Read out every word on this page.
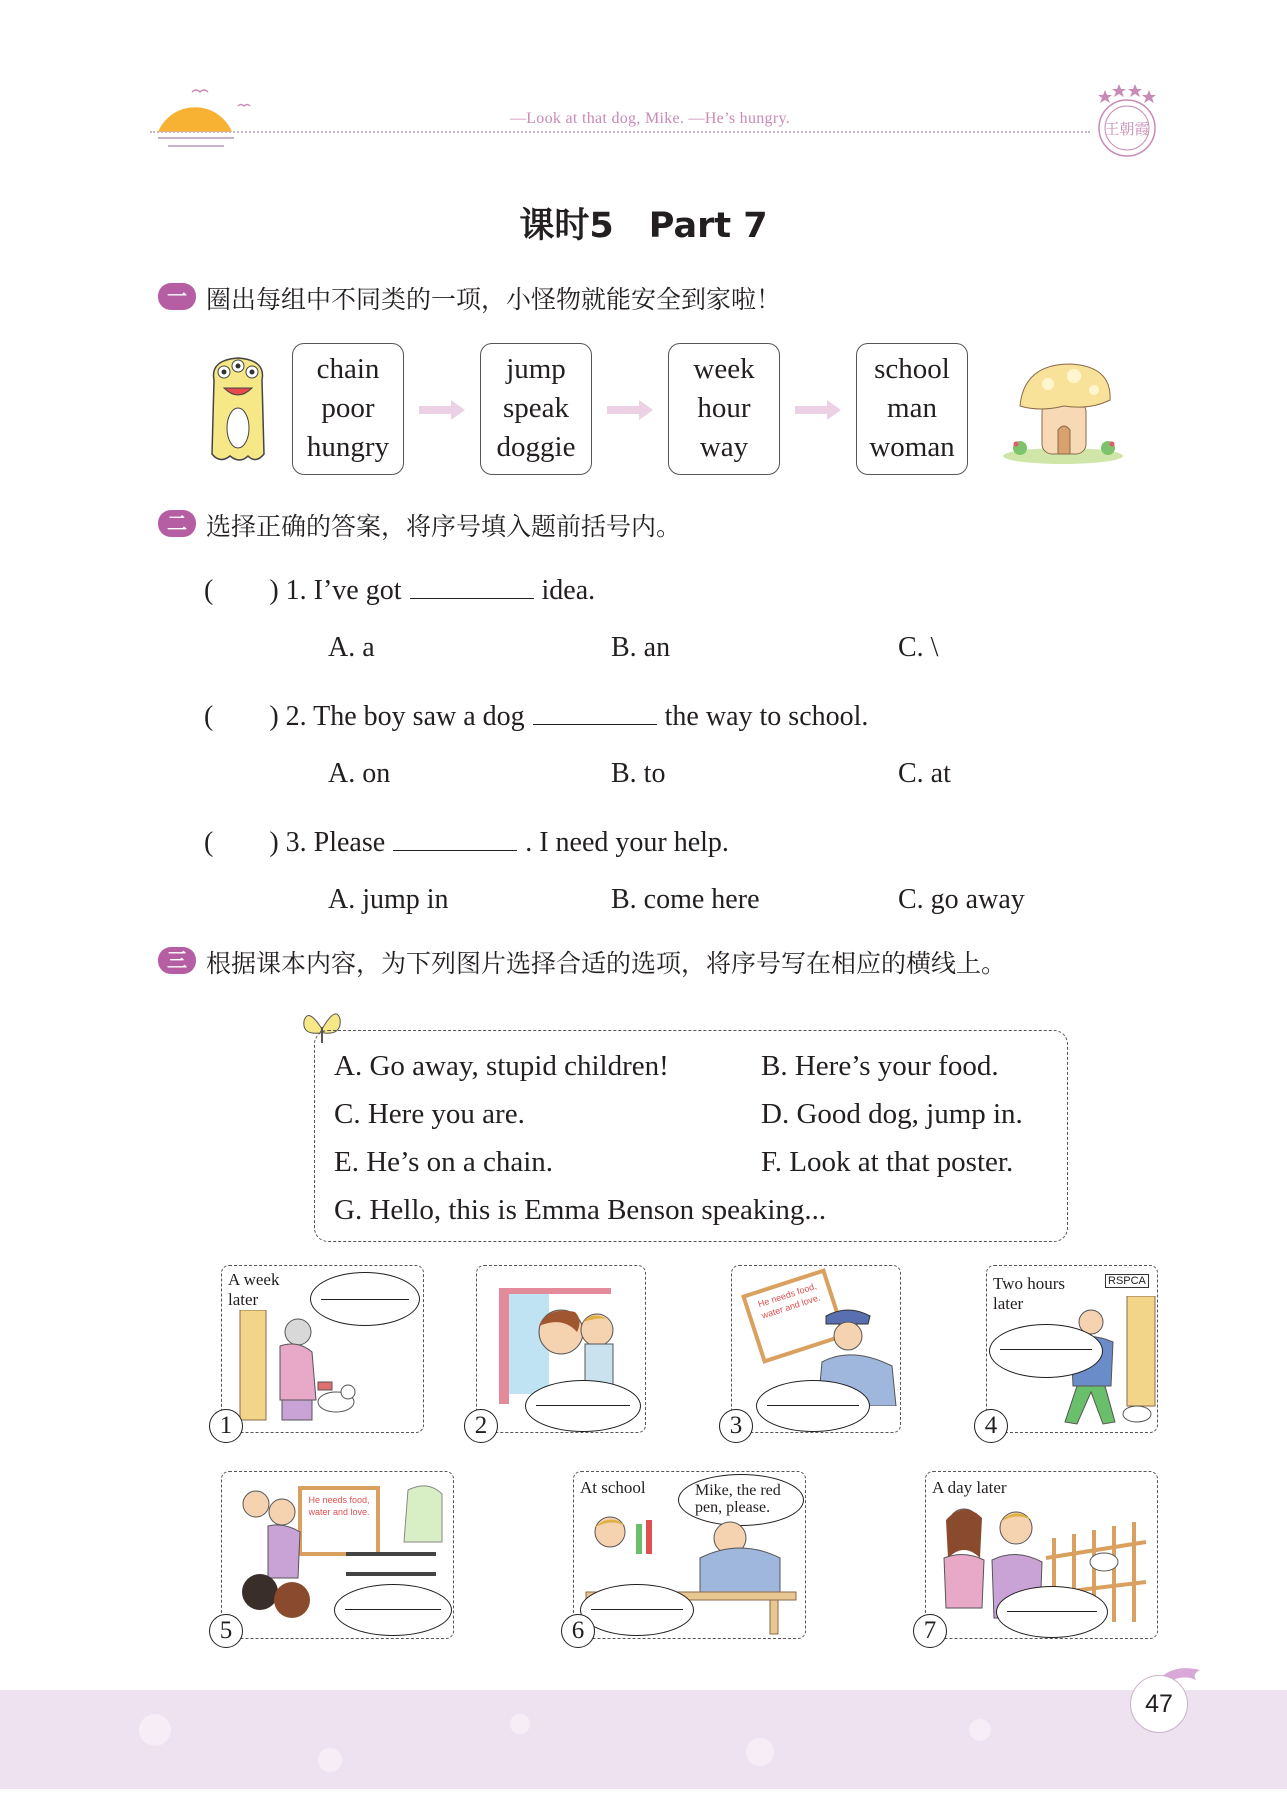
—Look at that dog, Mike. —He’s hungry.
王朝霞
课时5　Part 7
一 圈出每组中不同类的一项，小怪物就能安全到家啦！
chain
poor
hungry
jump
speak
doggie
week
hour
way
school
man
woman
二 选择正确的答案，将序号填入题前括号内。
(　　) 1. I’ve got	idea.
A. a	B. an	C. \
(　　) 2. The boy saw a dog	the way to school.
A. on	B. to	C. at
(　　) 3. Please	. I need your help.
A. jump in	B. come here	C. go away
三 根据课本内容，为下列图片选择合适的选项，将序号写在相应的横线上。
A. Go away, stupid children!	B. Here’s your food.
C. Here you are.	D. Good dog, jump in.
E. He’s on a chain.	F. Look at that poster.
G. Hello, this is Emma Benson speaking...
A week later
1	2
He needs food, water and love.
3
Two hours later
RSPCA
4
He needs food, water and love.
5
At school	Mike, the red pen, please.
6
A day later
7
47
